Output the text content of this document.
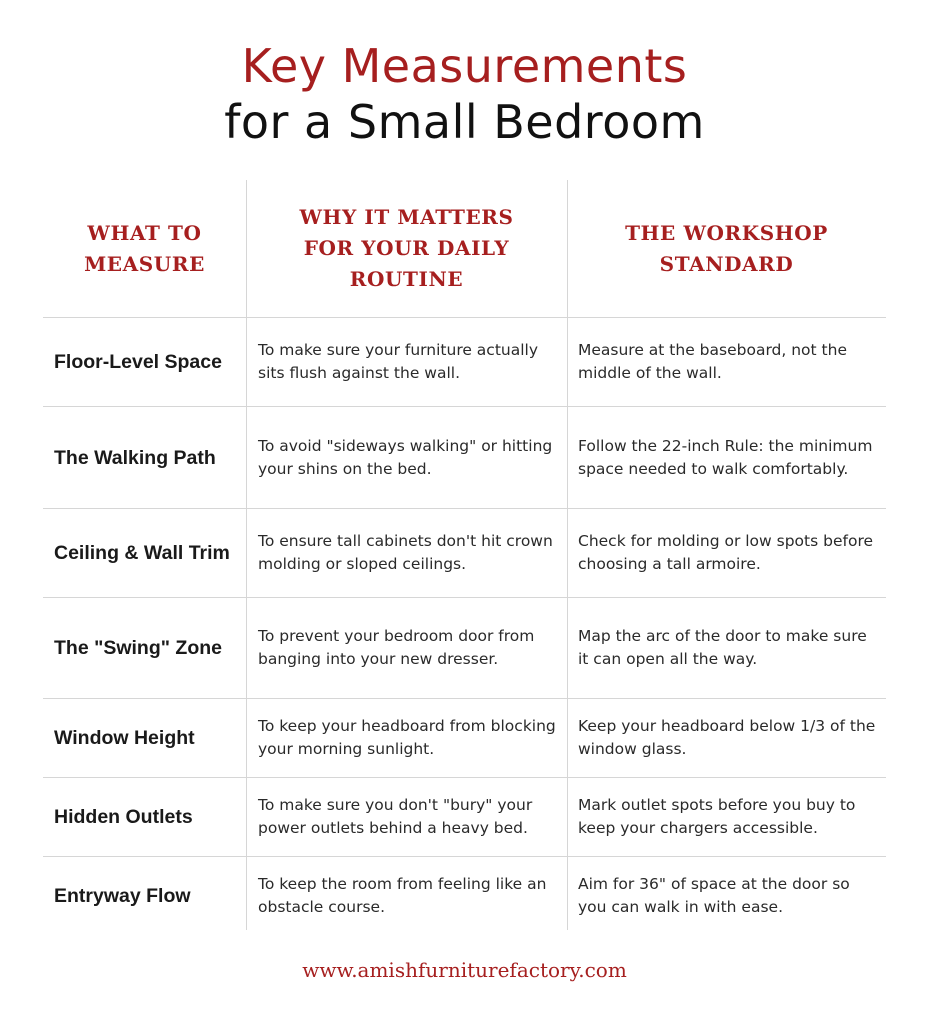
Key Measurements
for a Small Bedroom
WHAT TO
MEASURE
WHY IT MATTERS
FOR YOUR DAILY
ROUTINE
THE WORKSHOP
STANDARD
Floor-Level Space
To make sure your furniture actually sits flush against the wall.
Measure at the baseboard, not the middle of the wall.
The Walking Path
To avoid "sideways walking" or hitting your shins on the bed.
Follow the 22-inch Rule: the minimum space needed to walk comfortably.
Ceiling & Wall Trim
To ensure tall cabinets don't hit crown molding or sloped ceilings.
Check for molding or low spots before choosing a tall armoire.
The "Swing" Zone
To prevent your bedroom door from banging into your new dresser.
Map the arc of the door to make sure it can open all the way.
Window Height
To keep your headboard from blocking your morning sunlight.
Keep your headboard below 1/3 of the window glass.
Hidden Outlets
To make sure you don't "bury" your power outlets behind a heavy bed.
Mark outlet spots before you buy to keep your chargers accessible.
Entryway Flow
To keep the room from feeling like an obstacle course.
Aim for 36" of space at the door so you can walk in with ease.
www.amishfurniturefactory.com
